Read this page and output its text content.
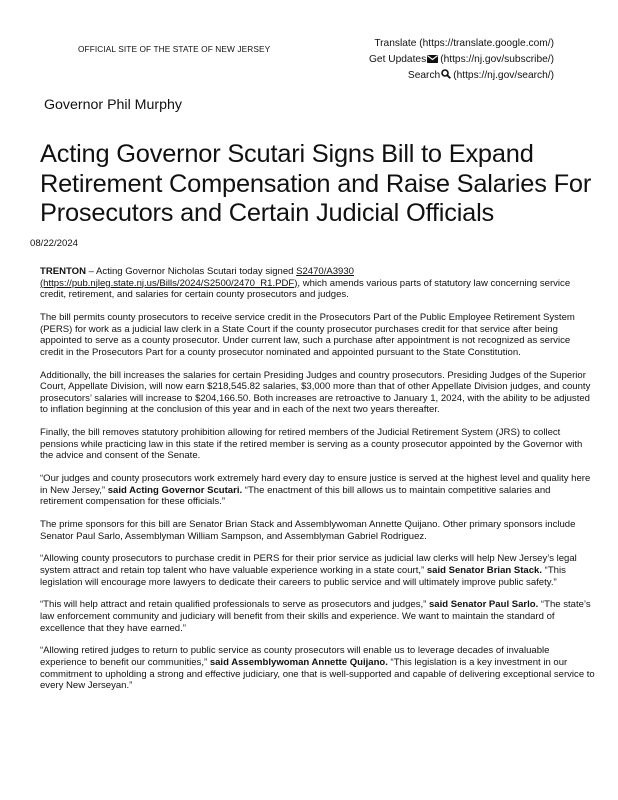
OFFICIAL SITE OF THE STATE OF NEW JERSEY	Translate (https://translate.google.com/)
Get Updates (https://nj.gov/subscribe/)
Search (https://nj.gov/search/)
Governor Phil Murphy
Acting Governor Scutari Signs Bill to Expand Retirement Compensation and Raise Salaries For Prosecutors and Certain Judicial Officials
08/22/2024

TRENTON – Acting Governor Nicholas Scutari today signed S2470/A3930 (https://pub.njleg.state.nj.us/Bills/2024/S2500/2470_R1.PDF), which amends various parts of statutory law concerning service credit, retirement, and salaries for certain county prosecutors and judges.

The bill permits county prosecutors to receive service credit in the Prosecutors Part of the Public Employee Retirement System (PERS) for work as a judicial law clerk in a State Court if the county prosecutor purchases credit for that service after being appointed to serve as a county prosecutor. Under current law, such a purchase after appointment is not recognized as service credit in the Prosecutors Part for a county prosecutor nominated and appointed pursuant to the State Constitution.

Additionally, the bill increases the salaries for certain Presiding Judges and country prosecutors. Presiding Judges of the Superior Court, Appellate Division, will now earn $218,545.82 salaries, $3,000 more than that of other Appellate Division judges, and county prosecutors’ salaries will increase to $204,166.50. Both increases are retroactive to January 1, 2024, with the ability to be adjusted to inflation beginning at the conclusion of this year and in each of the next two years thereafter.

Finally, the bill removes statutory prohibition allowing for retired members of the Judicial Retirement System (JRS) to collect pensions while practicing law in this state if the retired member is serving as a county prosecutor appointed by the Governor with the advice and consent of the Senate.

“Our judges and county prosecutors work extremely hard every day to ensure justice is served at the highest level and quality here in New Jersey,” said Acting Governor Scutari. “The enactment of this bill allows us to maintain competitive salaries and retirement compensation for these officials.”

The prime sponsors for this bill are Senator Brian Stack and Assemblywoman Annette Quijano. Other primary sponsors include Senator Paul Sarlo, Assemblyman William Sampson, and Assemblyman Gabriel Rodriguez.

“Allowing county prosecutors to purchase credit in PERS for their prior service as judicial law clerks will help New Jersey’s legal system attract and retain top talent who have valuable experience working in a state court,” said Senator Brian Stack. “This legislation will encourage more lawyers to dedicate their careers to public service and will ultimately improve public safety.”

“This will help attract and retain qualified professionals to serve as prosecutors and judges,” said Senator Paul Sarlo. “The state’s law enforcement community and judiciary will benefit from their skills and experience. We want to maintain the standard of excellence that they have earned.”

“Allowing retired judges to return to public service as county prosecutors will enable us to leverage decades of invaluable experience to benefit our communities,” said Assemblywoman Annette Quijano. “This legislation is a key investment in our commitment to upholding a strong and effective judiciary, one that is well-supported and capable of delivering exceptional service to every New Jerseyan.”
